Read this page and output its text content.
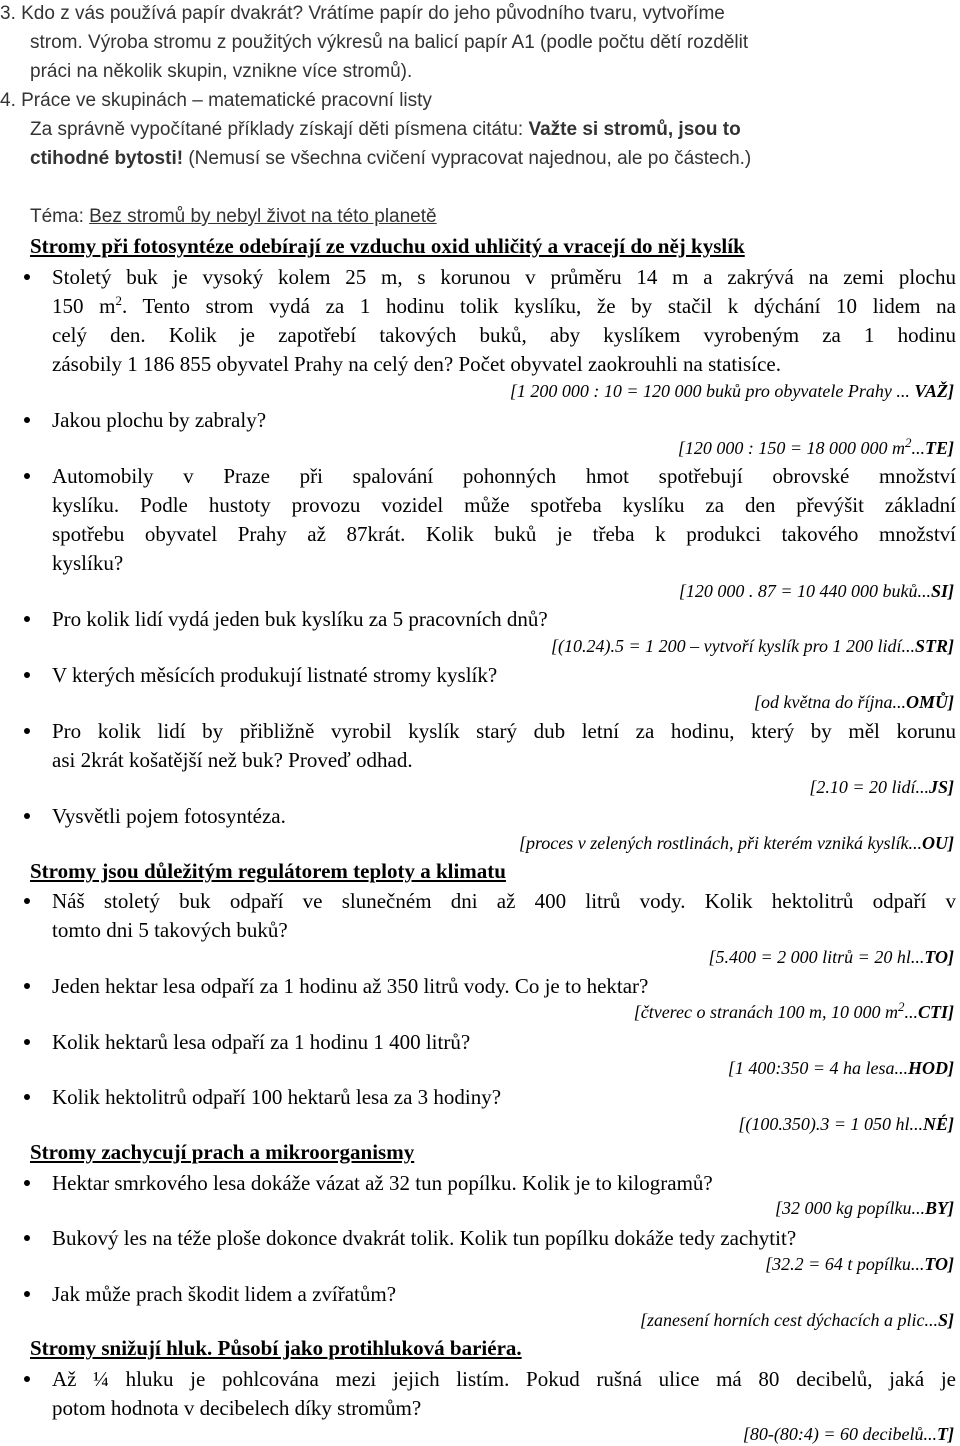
3. Kdo z vás používá papír dvakrát? Vrátíme papír do jeho původního tvaru, vytvoříme
strom. Výroba stromu z použitých výkresů na balicí papír A1 (podle počtu dětí rozdělit
práci na několik skupin, vznikne více stromů).
4. Práce ve skupinách – matematické pracovní listy
Za správně vypočítané příklady získají děti písmena citátu: Važte si stromů, jsou to
ctihodné bytosti! (Nemusí se všechna cvičení vypracovat najednou, ale po částech.)
Téma: Bez stromů by nebyl život na této planetě
Stromy při fotosyntéze odebírají ze vzduchu oxid uhličitý a vracejí do něj kyslík
Stoletý buk je vysoký kolem 25 m, s korunou v průměru 14 m a zakrývá na zemi plochu
150 $m^2$. Tento strom vydá za 1 hodinu tolik kyslíku, že by stačil k dýchání 10 lidem na
celý den. Kolik je zapotřebí takových buků, aby kyslíkem vyrobeným za 1 hodinu
zásobily 1 186 855 obyvatel Prahy na celý den? Počet obyvatel zaokrouhli na statisíce.
[1 200 000 : 10 = 120 000 buků pro obyvatele Prahy ... VAŽ]
Jakou plochu by zabraly?
[120 000 : 150 = 18 000 000 $m^2...TE$]
Automobily v Praze při spalování pohonných hmot spotřebují obrovské množství
kyslíku. Podle hustoty provozu vozidel může spotřeba kyslíku za den převýšit základní
spotřebu obyvatel Prahy až 87krát. Kolik buků je třeba k produkci takového množství
kyslíku?
[120 000 . 87 = 10 440 000 buků...SI]
Pro kolik lidí vydá jeden buk kyslíku za 5 pracovních dnů?
[(10.24).5 = 1 200 – vytvoří kyslík pro 1 200 lidí...STR]
V kterých měsících produkují listnaté stromy kyslík?
[od května do října...OMŮ]
Pro kolik lidí by přibližně vyrobil kyslík starý dub letní za hodinu, který by měl korunu
asi 2krát košatější než buk? Proveď odhad.
[2.10 = 20 lidí...JS]
Vysvětli pojem fotosyntéza.
[proces v zelených rostlinách, při kterém vzniká kyslík...OU]
Stromy jsou důležitým regulátorem teploty a klimatu
Náš stoletý buk odpaří ve slunečném dni až 400 litrů vody. Kolik hektolitrů odpaří v
tomto dni 5 takových buků?
[5.400 = 2 000 litrů = 20 hl...TO]
Jeden hektar lesa odpaří za 1 hodinu až 350 litrů vody. Co je to hektar?
[čtverec o stranách 100 m, 10 000 $m^2...CTI$]
Kolik hektarů lesa odpaří za 1 hodinu 1 400 litrů?
[1 400:350 = 4 ha lesa...HOD]
Kolik hektolitrů odpaří 100 hektarů lesa za 3 hodiny?
[(100.350).3 = 1 050 hl...NÉ]
Stromy zachycují prach a mikroorganismy
Hektar smrkového lesa dokáže vázat až 32 tun popílku. Kolik je to kilogramů?
[32 000 kg popílku...BY]
Bukový les na téže ploše dokonce dvakrát tolik. Kolik tun popílku dokáže tedy zachytit?
[32.2 = 64 t popílku...TO]
Jak může prach škodit lidem a zvířatům?
[zanesení horních cest dýchacích a plic...S]
Stromy snižují hluk. Působí jako protihluková bariéra.
Až ¼ hluku je pohlcována mezi jejich listím. Pokud rušná ulice má 80 decibelů, jaká je
potom hodnota v decibelech díky stromům?
[80-(80:4) = 60 decibelů...T]
